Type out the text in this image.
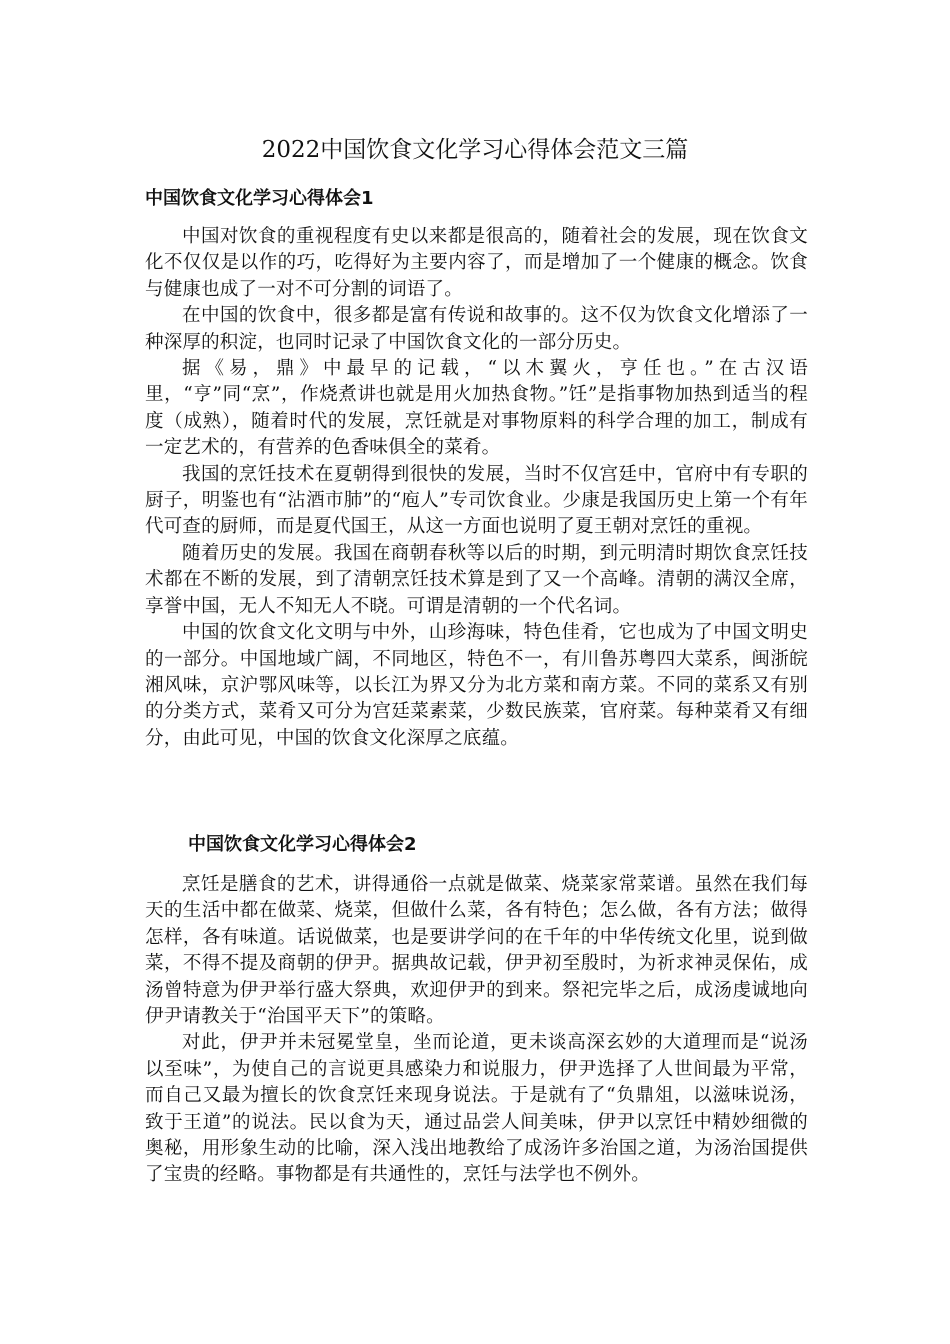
2022中国饮食文化学习心得体会范文三篇
中国饮食文化学习心得体会1

中国对饮食的重视程度有史以来都是很高的，随着社会的发展，现在饮食文化不仅仅是以作的巧，吃得好为主要内容了，而是增加了一个健康的概念。饮食与健康也成了一对不可分割的词语了。

在中国的饮食中，很多都是富有传说和故事的。这不仅为饮食文化增添了一种深厚的积淀，也同时记录了中国饮食文化的一部分历史。

据《易，鼎》中最早的记载，“以木翼火，亨任也。”在古汉语里，“亨”同“烹”，作烧煮讲也就是用火加热食物。”饪”是指事物加热到适当的程度（成熟），随着时代的发展，烹饪就是对事物原料的科学合理的加工，制成有一定艺术的，有营养的色香味俱全的菜肴。

我国的烹饪技术在夏朝得到很快的发展，当时不仅宫廷中，官府中有专职的厨子，明鉴也有“沾酒市肺”的“庖人”专司饮食业。少康是我国历史上第一个有年代可查的厨师，而是夏代国王，从这一方面也说明了夏王朝对烹饪的重视。

随着历史的发展。我国在商朝春秋等以后的时期，到元明清时期饮食烹饪技术都在不断的发展，到了清朝烹饪技术算是到了又一个高峰。清朝的满汉全席，享誉中国，无人不知无人不晓。可谓是清朝的一个代名词。

中国的饮食文化文明与中外，山珍海味，特色佳肴，它也成为了中国文明史的一部分。中国地域广阔，不同地区，特色不一，有川鲁苏粤四大菜系，闽浙皖湘风味，京沪鄂风味等，以长江为界又分为北方菜和南方菜。不同的菜系又有别的分类方式，菜肴又可分为宫廷菜素菜，少数民族菜，官府菜。每种菜肴又有细分，由此可见，中国的饮食文化深厚之底蕴。

中国饮食文化学习心得体会2

烹饪是膳食的艺术，讲得通俗一点就是做菜、烧菜家常菜谱。虽然在我们每天的生活中都在做菜、烧菜，但做什么菜，各有特色；怎么做，各有方法；做得怎样，各有味道。话说做菜，也是要讲学问的在千年的中华传统文化里，说到做菜，不得不提及商朝的伊尹。据典故记载，伊尹初至殷时，为祈求神灵保佑，成汤曾特意为伊尹举行盛大祭典，欢迎伊尹的到来。祭祀完毕之后，成汤虔诚地向伊尹请教关于“治国平天下”的策略。

对此，伊尹并未冠冕堂皇，坐而论道，更未谈高深玄妙的大道理而是“说汤以至味”，为使自己的言说更具感染力和说服力，伊尹选择了人世间最为平常，而自己又最为擅长的饮食烹饪来现身说法。于是就有了“负鼎俎，以滋味说汤，致于王道”的说法。民以食为天，通过品尝人间美味，伊尹以烹饪中精妙细微的奥秘，用形象生动的比喻，深入浅出地教给了成汤许多治国之道，为汤治国提供了宝贵的经略。事物都是有共通性的，烹饪与法学也不例外。
